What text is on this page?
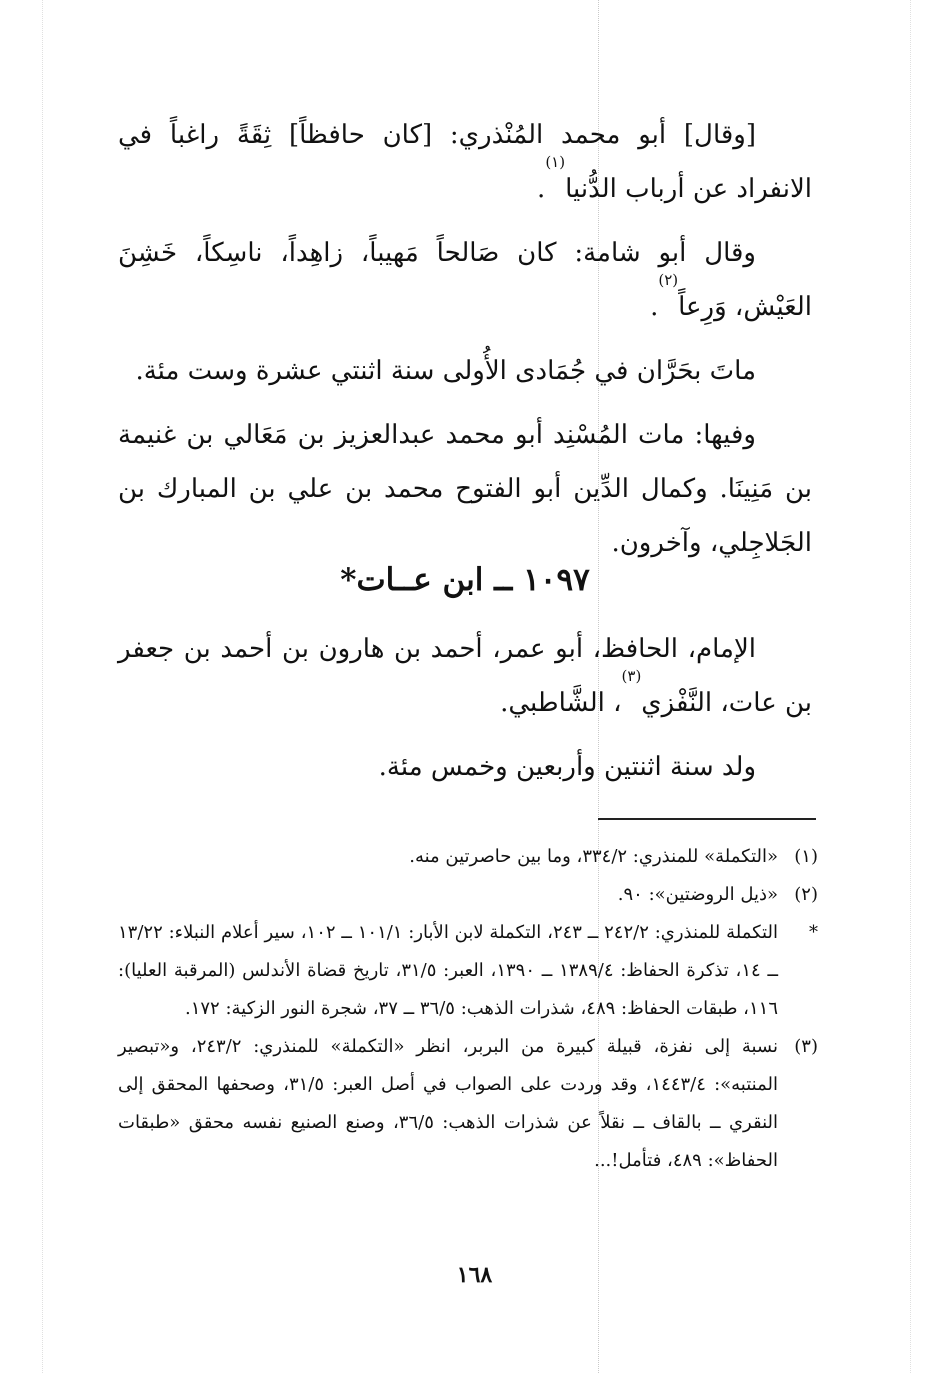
[وقال] أبو محمد المُنْذري: [كان حافظاً] ثِقَةً راغباً في الانفراد عن أرباب الدُّنيا$^{(١)}$.

وقال أبو شامة: كان صَالحاً مَهيباً، زاهِداً، ناسِكاً، خَشِنَ العَيْش، وَرِعاً$^{(٢)}$.

ماتَ بحَرَّان في جُمَادى الأُولى سنة اثنتي عشرة وست مئة.

وفيها: مات المُسْنِد أبو محمد عبدالعزيز بن مَعَالي بن غنيمة بن مَنِينَا. وكمال الدِّين أبو الفتوح محمد بن علي بن المبارك بن الجَلاجِلي، وآخرون.

١٠٩٧ ــ ابن عــات*

الإمام، الحافظ، أبو عمر، أحمد بن هارون بن أحمد بن جعفر بن عات، النَّفْزي$^{(٣)}$، الشَّاطبي.

ولد سنة اثنتين وأربعين وخمس مئة.

(١)
«التكملة» للمنذري: ٣٣٤/٢، وما بين حاصرتين منه.
(٢)
«ذيل الروضتين»: ٩٠.
*
التكملة للمنذري: ٢٤٢/٢ ــ ٢٤٣، التكملة لابن الأبار: ١٠١/١ ــ ١٠٢، سير أعلام النبلاء: ١٣/٢٢ ــ ١٤، تذكرة الحفاظ: ١٣٨٩/٤ ــ ١٣٩٠، العبر: ٣١/٥، تاريخ قضاة الأندلس (المرقبة العليا): ١١٦، طبقات الحفاظ: ٤٨٩، شذرات الذهب: ٣٦/٥ ــ ٣٧، شجرة النور الزكية: ١٧٢.
(٣)
نسبة إلى نفزة، قبيلة كبيرة من البربر، انظر «التكملة» للمنذري: ٢٤٣/٢، و«تبصير المنتبه»: ١٤٤٣/٤، وقد وردت على الصواب في أصل العبر: ٣١/٥، وصحفها المحقق إلى النقري ــ بالقاف ــ نقلاً عن شذرات الذهب: ٣٦/٥، وصنع الصنيع نفسه محقق «طبقات الحفاظ»: ٤٨٩، فتأمل!...
١٦٨
